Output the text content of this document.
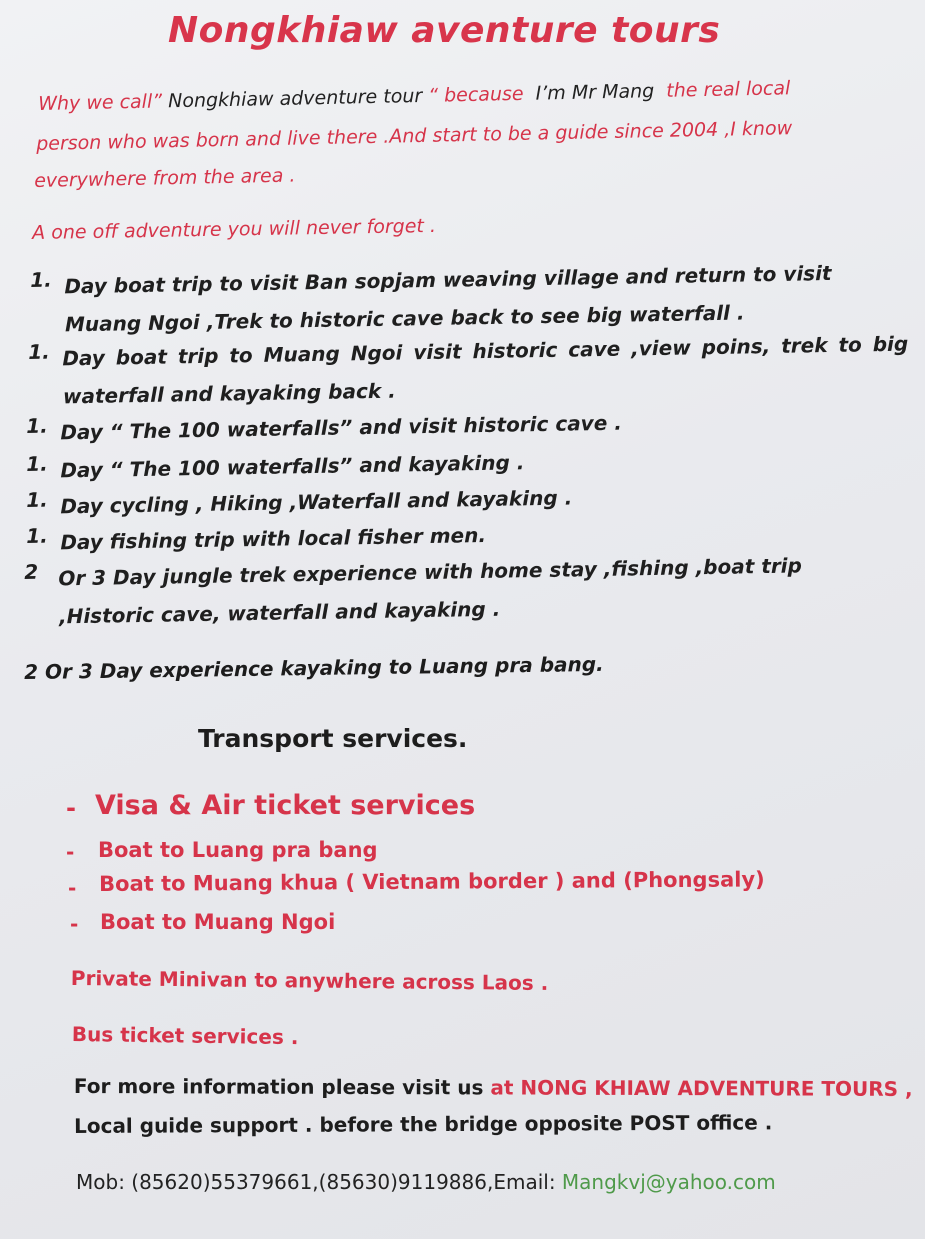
Nongkhiaw aventure tours
Why we call” Nongkhiaw adventure tour “ because I’m Mr Mang the real local
person who was born and live there .And start to be a guide since 2004 ,I know
everywhere from the area .
A one off adventure you will never forget .
1. Day boat trip to visit Ban sopjam weaving village and return to visit Muang Ngoi ,Trek to historic cave back to see big waterfall .
1. Day boat trip to Muang Ngoi visit historic cave ,view poins, trek to big waterfall and kayaking back .
1. Day “ The 100 waterfalls” and visit historic cave .
1. Day “ The 100 waterfalls” and kayaking .
1. Day cycling , Hiking ,Waterfall and kayaking .
1. Day fishing trip with local fisher men.
2 Or 3 Day jungle trek experience with home stay ,fishing ,boat trip ,Historic cave, waterfall and kayaking .
2 Or 3 Day experience kayaking to Luang pra bang.
Transport services.
- Visa & Air ticket services
- Boat to Luang pra bang
- Boat to Muang khua ( Vietnam border ) and (Phongsaly)
- Boat to Muang Ngoi
Private Minivan to anywhere across Laos .
Bus ticket services .
For more information please visit us at NONG KHIAW ADVENTURE TOURS ,
Local guide support . before the bridge opposite POST office .
Mob: (85620)55379661,(85630)9119886,Email: Mangkvj@yahoo.com
